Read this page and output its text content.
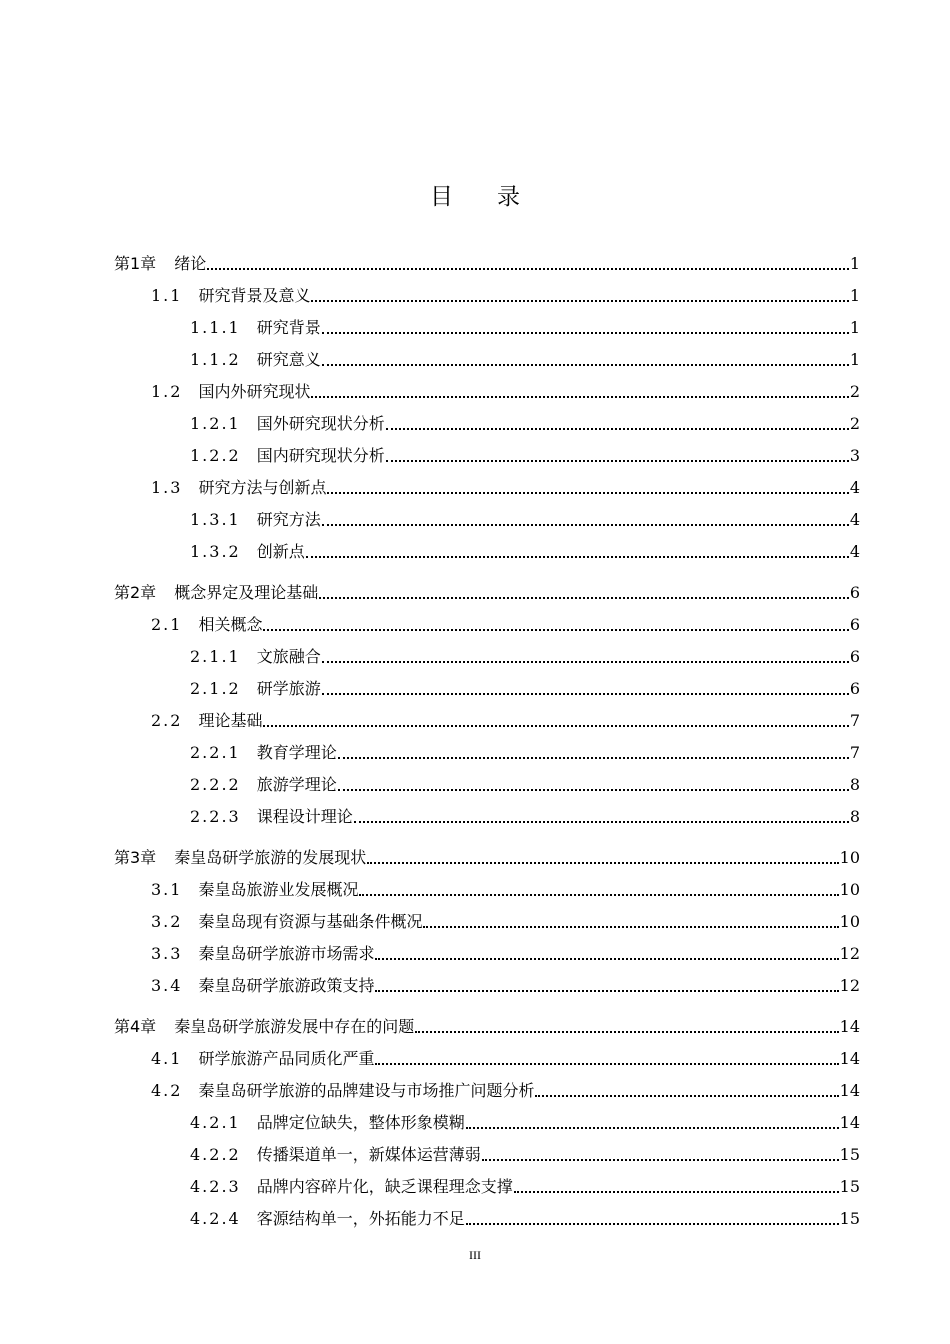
目录
第1章	绪论	1
1.1	研究背景及意义	1
1.1.1	研究背景	1
1.1.2	研究意义	1
1.2	国内外研究现状	2
1.2.1	国外研究现状分析	2
1.2.2	国内研究现状分析	3
1.3	研究方法与创新点	4
1.3.1	研究方法	4
1.3.2	创新点	4
第2章	概念界定及理论基础	6
2.1	相关概念	6
2.1.1	文旅融合	6
2.1.2	研学旅游	6
2.2	理论基础	7
2.2.1	教育学理论	7
2.2.2	旅游学理论	8
2.2.3	课程设计理论	8
第3章	秦皇岛研学旅游的发展现状	10
3.1	秦皇岛旅游业发展概况	10
3.2	秦皇岛现有资源与基础条件概况	10
3.3	秦皇岛研学旅游市场需求	12
3.4	秦皇岛研学旅游政策支持	12
第4章	秦皇岛研学旅游发展中存在的问题	14
4.1	研学旅游产品同质化严重	14
4.2	秦皇岛研学旅游的品牌建设与市场推广问题分析	14
4.2.1	品牌定位缺失，整体形象模糊	14
4.2.2	传播渠道单一，新媒体运营薄弱	15
4.2.3	品牌内容碎片化，缺乏课程理念支撑	15
4.2.4	客源结构单一，外拓能力不足	15
III
